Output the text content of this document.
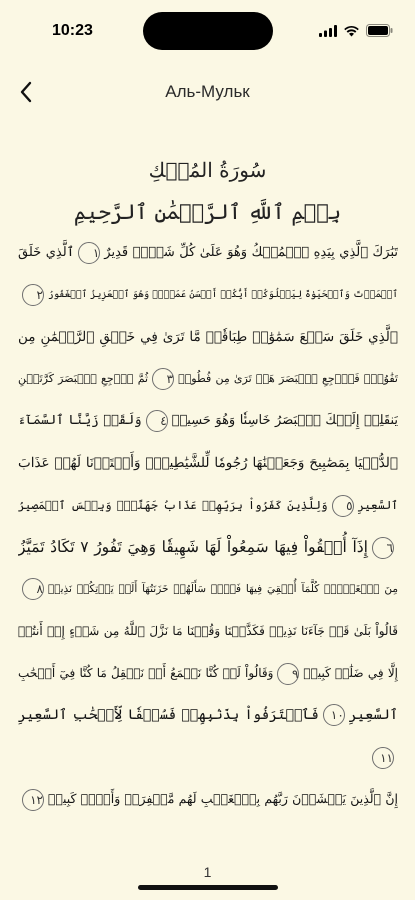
10:23
Аль-Мульк
سُورَةُ المُلۡكِ
بِسۡمِ ٱللَّهِ ٱلرَّحۡمَٰنِ ٱلرَّحِيمِ
تَبَٰرَكَ ٱلَّذِي بِيَدِهِ ٱلۡمُلۡكُ وَهُوَ عَلَىٰ كُلِّ شَيۡءٖ قَدِيرٌ١ٱلَّذِي خَلَقَ
ٱلۡمَوۡتَ وَٱلۡحَيَوٰةَ لِيَبۡلُوَكُمۡ أَيُّكُمۡ أَحۡسَنُ عَمَلٗاۚ وَهُوَ ٱلۡعَزِيزُ ٱلۡغَفُورُ٢
ٱلَّذِي خَلَقَ سَبۡعَ سَمَٰوَٰتٖ طِبَاقٗاۖ مَّا تَرَىٰ فِي خَلۡقِ ٱلرَّحۡمَٰنِ مِن
تَفَٰوُتٖۖ فَٱرۡجِعِ ٱلۡبَصَرَ هَلۡ تَرَىٰ مِن فُطُورٖ٣ثُمَّ ٱرۡجِعِ ٱلۡبَصَرَ كَرَّتَيۡنِ
يَنقَلِبۡ إِلَيۡكَ ٱلۡبَصَرُ خَاسِئٗا وَهُوَ حَسِيرٞ٤وَلَقَدۡ زَيَّنَّا ٱلسَّمَآءَ
ٱلدُّنۡيَا بِمَصَٰبِيحَ وَجَعَلۡنَٰهَا رُجُومٗا لِّلشَّيَٰطِينِۖ وَأَعۡتَدۡنَا لَهُمۡ عَذَابَ
ٱلسَّعِيرِ٥وَلِلَّذِينَ كَفَرُواْ بِرَبِّهِمۡ عَذَابُ جَهَنَّمَۖ وَبِئۡسَ ٱلۡمَصِيرُ
٦إِذَآ أُلۡقُواْ فِيهَا سَمِعُواْ لَهَا شَهِيقٗا وَهِيَ تَفُورُ ٧ تَكَادُ تَمَيَّزُ
مِنَ ٱلۡغَيۡظِۖ كُلَّمَآ أُلۡقِيَ فِيهَا فَوۡجٞ سَأَلَهُمۡ خَزَنَتُهَآ أَلَمۡ يَأۡتِكُمۡ نَذِيرٞ٨
قَالُواْ بَلَىٰ قَدۡ جَآءَنَا نَذِيرٞ فَكَذَّبۡنَا وَقُلۡنَا مَا نَزَّلَ ٱللَّهُ مِن شَيۡءٍ إِنۡ أَنتُمۡ
إِلَّا فِي ضَلَٰلٖ كَبِيرٖ٩وَقَالُواْ لَوۡ كُنَّا نَسۡمَعُ أَوۡ نَعۡقِلُ مَا كُنَّا فِيٓ أَصۡحَٰبِ
ٱلسَّعِيرِ١٠فَٱعۡتَرَفُواْ بِذَنۢبِهِمۡ فَسُحۡقٗا لِّأَصۡحَٰبِ ٱلسَّعِيرِ
١١
إِنَّ ٱلَّذِينَ يَخۡشَوۡنَ رَبَّهُم بِٱلۡغَيۡبِ لَهُم مَّغۡفِرَةٞ وَأَجۡرٞ كَبِيرٞ١٢
1
